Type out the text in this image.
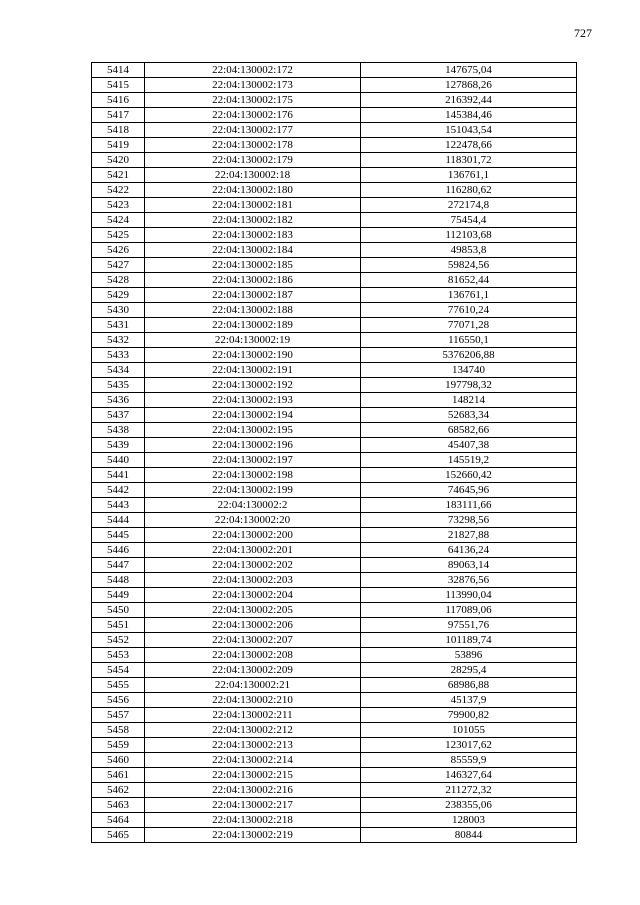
727
5414	22:04:130002:172	147675,04
5415	22:04:130002:173	127868,26
5416	22:04:130002:175	216392,44
5417	22:04:130002:176	145384,46
5418	22:04:130002:177	151043,54
5419	22:04:130002:178	122478,66
5420	22:04:130002:179	118301,72
5421	22:04:130002:18	136761,1
5422	22:04:130002:180	116280,62
5423	22:04:130002:181	272174,8
5424	22:04:130002:182	75454,4
5425	22:04:130002:183	112103,68
5426	22:04:130002:184	49853,8
5427	22:04:130002:185	59824,56
5428	22:04:130002:186	81652,44
5429	22:04:130002:187	136761,1
5430	22:04:130002:188	77610,24
5431	22:04:130002:189	77071,28
5432	22:04:130002:19	116550,1
5433	22:04:130002:190	5376206,88
5434	22:04:130002:191	134740
5435	22:04:130002:192	197798,32
5436	22:04:130002:193	148214
5437	22:04:130002:194	52683,34
5438	22:04:130002:195	68582,66
5439	22:04:130002:196	45407,38
5440	22:04:130002:197	145519,2
5441	22:04:130002:198	152660,42
5442	22:04:130002:199	74645,96
5443	22:04:130002:2	183111,66
5444	22:04:130002:20	73298,56
5445	22:04:130002:200	21827,88
5446	22:04:130002:201	64136,24
5447	22:04:130002:202	89063,14
5448	22:04:130002:203	32876,56
5449	22:04:130002:204	113990,04
5450	22:04:130002:205	117089,06
5451	22:04:130002:206	97551,76
5452	22:04:130002:207	101189,74
5453	22:04:130002:208	53896
5454	22:04:130002:209	28295,4
5455	22:04:130002:21	68986,88
5456	22:04:130002:210	45137,9
5457	22:04:130002:211	79900,82
5458	22:04:130002:212	101055
5459	22:04:130002:213	123017,62
5460	22:04:130002:214	85559,9
5461	22:04:130002:215	146327,64
5462	22:04:130002:216	211272,32
5463	22:04:130002:217	238355,06
5464	22:04:130002:218	128003
5465	22:04:130002:219	80844
